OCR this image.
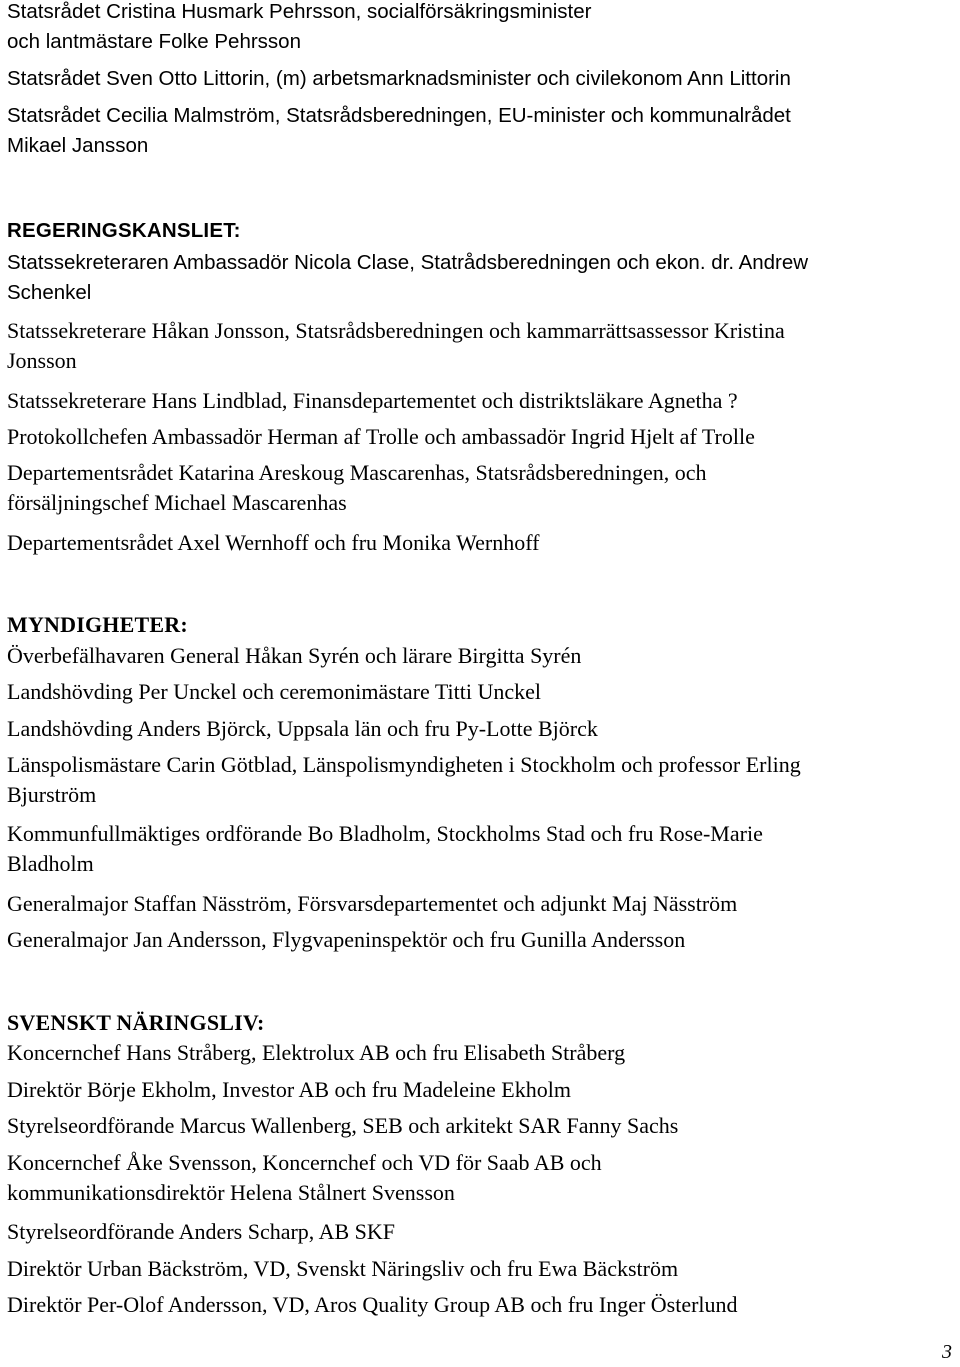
Statsrådet Cristina Husmark Pehrsson, socialförsäkringsminister
och lantmästare Folke Pehrsson
Statsrådet Sven Otto Littorin, (m) arbetsmarknadsminister och civilekonom Ann Littorin
Statsrådet Cecilia Malmström, Statsrådsberedningen, EU-minister och kommunalrådet
Mikael Jansson
REGERINGSKANSLIET:
Statssekreteraren Ambassadör Nicola Clase, Statrådsberedningen och ekon. dr. Andrew
Schenkel
Statssekreterare Håkan Jonsson, Statsrådsberedningen och kammarrättsassessor Kristina
Jonsson
Statssekreterare Hans Lindblad, Finansdepartementet och distriktsläkare Agnetha ?
Protokollchefen Ambassadör Herman af Trolle och ambassadör Ingrid Hjelt af Trolle
Departementsrådet Katarina Areskoug Mascarenhas, Statsrådsberedningen, och
försäljningschef Michael Mascarenhas
Departementsrådet Axel Wernhoff och fru Monika Wernhoff
MYNDIGHETER:
Överbefälhavaren General Håkan Syrén och lärare Birgitta Syrén
Landshövding Per Unckel och ceremonimästare Titti Unckel
Landshövding Anders Björck, Uppsala län och fru Py-Lotte Björck
Länspolismästare Carin Götblad, Länspolismyndigheten i Stockholm och professor Erling
Bjurström
Kommunfullmäktiges ordförande Bo Bladholm, Stockholms Stad och fru Rose-Marie
Bladholm
Generalmajor Staffan Näsström, Försvarsdepartementet och adjunkt Maj Näsström
Generalmajor Jan Andersson, Flygvapeninspektör och fru Gunilla Andersson
SVENSKT NÄRINGSLIV:
Koncernchef Hans Stråberg, Elektrolux AB och fru Elisabeth Stråberg
Direktör Börje Ekholm, Investor AB och fru Madeleine Ekholm
Styrelseordförande Marcus Wallenberg, SEB och arkitekt SAR Fanny Sachs
Koncernchef Åke Svensson, Koncernchef och VD för Saab AB och
kommunikationsdirektör Helena Stålnert Svensson
Styrelseordförande Anders Scharp, AB SKF
Direktör Urban Bäckström, VD, Svenskt Näringsliv och fru Ewa Bäckström
Direktör Per-Olof Andersson, VD, Aros Quality Group AB och fru Inger Österlund
3
